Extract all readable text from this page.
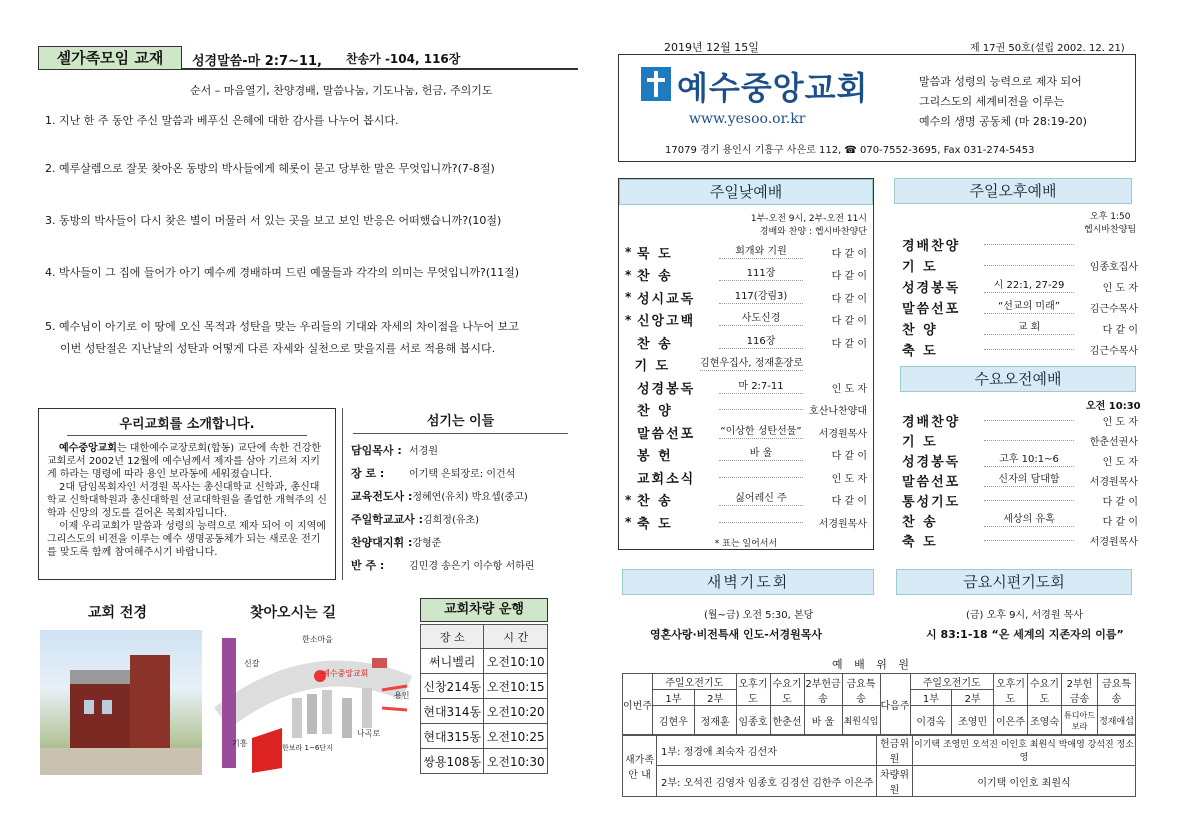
셀가족모임 교재	성경말씀-마 2:7~11, 찬송가 -104, 116장
순서 – 마음열기, 찬양경배, 말씀나눔, 기도나눔, 헌금, 주의기도
1. 지난 한 주 동안 주신 말씀과 베푸신 은혜에 대한 감사를 나누어 봅시다.
2. 예루살렘으로 잘못 찾아온 동방의 박사들에게 헤롯이 묻고 당부한 말은 무엇입니까?(7-8절)
3. 동방의 박사들이 다시 찾은 별이 머물러 서 있는 곳을 보고 보인 반응은 어떠했습니까?(10절)
4. 박사들이 그 집에 들어가 아기 예수께 경배하며 드린 예물들과 각각의 의미는 무엇입니까?(11절)
5. 예수님이 아기로 이 땅에 오신 목적과 성탄을 맞는 우리들의 기대와 자세의 차이점을 나누어 보고
이번 성탄절은 지난날의 성탄과 어떻게 다른 자세와 실천으로 맞을지를 서로 적용해 봅시다.
우리교회를 소개합니다.

예수중앙교회는 대한예수교장로회(합동) 교단에 속한 건강한 교회로서 2002년 12월에 예수님께서 제자를 삼아 기르쳐 지키게 하라는 명령에 따라 용인 보라동에 세워졌습니다.

2대 담임목회자인 서경원 목사는 총신대학교 신학과, 총신대학교 신학대학원과 총신대학원 선교대학원을 졸업한 개혁주의 신학과 신앙의 정도를 걸어온 목회자입니다.

이제 우리교회가 말씀과 성령의 능력으로 제자 되어 이 지역에 그리스도의 비전을 이루는 예수 생명공동체가 되는 새로운 전기를 맞도록 함께 참여해주시기 바랍니다.

섬기는 이들
담임목사 : 서경원
장 로 :	이기택 은퇴장로: 이건석
교육전도사 : 정혜연(유치) 박요셉(중고)
주일학교교사 : 김희정(유초)
찬양대지휘 : 강형준
반 주 :	김민경 송은기 이수항 서하린
교회 전경	찾아오시는 길
한소마을
예수중앙교회
신갈
한보라 1~6단지
용인
나곡로
기흥
교회차량 운행
장 소	시 간
써니벨리	오전10:10
신창214동	오전10:15
현대314동	오전10:20
현대315동	오전10:25
쌍용108동	오전10:30
2019년 12월 15일	제 17권 50호(설립 2002. 12. 21)
예수중앙교회
www.yesoo.or.kr
말씀과 성령의 능력으로 제자 되어
그리스도의 세계비전을 이루는
예수의 생명 공동체 (마 28:19-20)
17079 경기 용인시 기흥구 사은로 112, ☎ 070-7552-3695, Fax 031-274-5453
주일낮예배
1부-오전 9시, 2부-오전 11시
경배와 찬양 : 헵시바찬양단
* 묵 도	회개와 기원	다 같 이
* 찬 송	111장	다 같 이
* 성시교독	117(강림3)	다 같 이
* 신앙고백	사도신경	다 같 이
찬 송	116장	다 같 이
기 도	김현우집사, 정재훈장로
성경봉독	마 2:7-11	인 도 자
찬 양	호산나찬양대
말씀선포	“이상한 성탄선물”	서경원목사
봉 헌	바 울	다 같 이
교회소식	인 도 자
* 찬 송	싫어레신 주	다 같 이
* 축 도	서경원목사
* 표는 일어서서
주일오후예배
오후 1:50
헵시바찬양팀
경배찬양
기 도	임종호집사
성경봉독	시 22:1, 27-29	인 도 자
말씀선포	“선교의 미래”	김근수목사
찬 양	교 회	다 같 이
축 도	김근수목사
수요오전예배
오전 10:30
경배찬양	인 도 자
기 도	한춘선권사
성경봉독	고후 10:1~6	인 도 자
말씀선포	신자의 담대함	서경원목사
통성기도	다 같 이
찬 송	세상의 유혹	다 같 이
축 도	서경원목사
새벽기도회
(월~금) 오전 5:30, 본당
영혼사랑·비전특새 인도-서경원목사
금요시편기도회
(금) 오후 9시, 서경원 목사
시 83:1-18 “온 세계의 지존자의 이름”
예 배 위 원
이번주	주일오전기도		오후기도	수요기도	2부헌금송	금요특송	다음주	주일오전기도		오후기도	수요기도	2부헌금송	금요특송
	1부	2부						1부	2부				
	김현우	정재훈	임종호	한춘선	바 울	최원식임		이경옥	조영민	이은주	조영숙	튜디아드보라	정재애섭
새가족 안 내	1부: 정경애 최숙자 김선자	헌금위원	이기택 조영민 오석진 이인호 최원식 박애영 강석진 정소영
	2부: 오석진 김영자 임종호 김경선 김한주 이은주	차량위원	이기택 이인호 최원식
